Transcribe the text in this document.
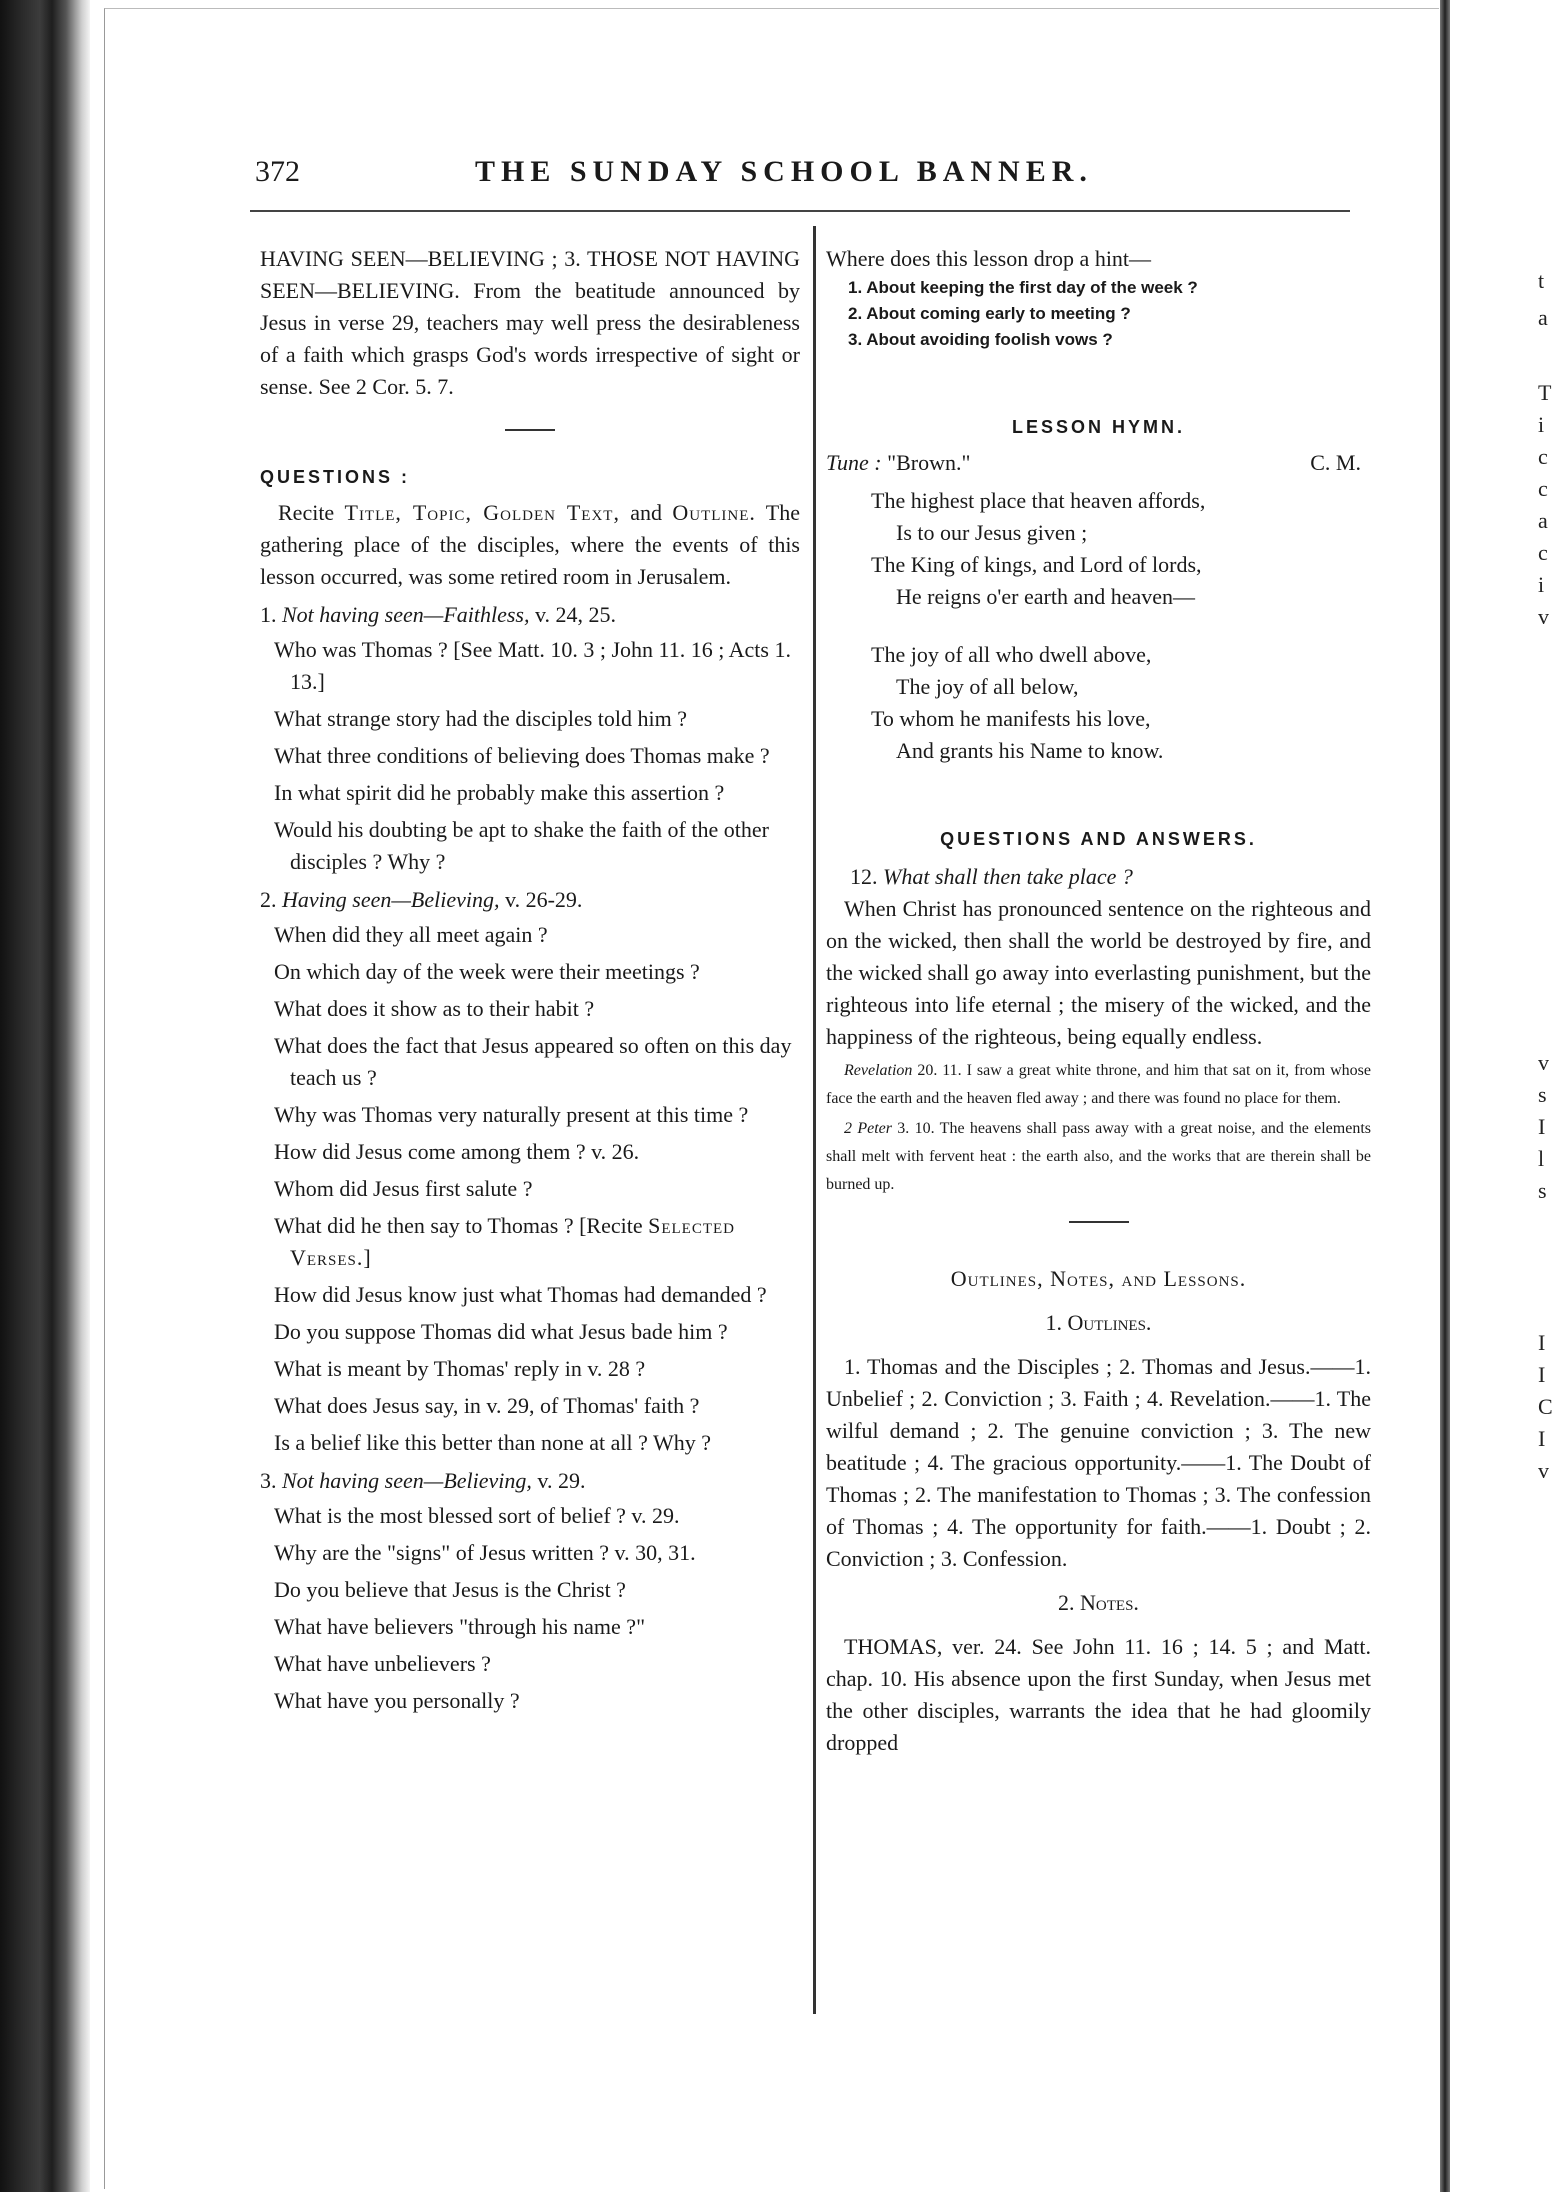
372	THE SUNDAY SCHOOL BANNER.

HAVING SEEN—BELIEVING ; 3. THOSE NOT HAVING SEEN—BELIEVING. From the beatitude announced by Jesus in verse 29, teachers may well press the desirableness of a faith which grasps God's words irrespective of sight or sense. See 2 Cor. 5. 7.

QUESTIONS :

Recite Title, Topic, Golden Text, and Outline. The gathering place of the disciples, where the events of this lesson occurred, was some retired room in Jerusalem.

1. Not having seen—Faithless, v. 24, 25.
Who was Thomas ? [See Matt. 10. 3 ; John 11. 16 ; Acts 1. 13.]
What strange story had the disciples told him ?
What three conditions of believing does Thomas make ?
In what spirit did he probably make this assertion ?
Would his doubting be apt to shake the faith of the other disciples ? Why ?
2. Having seen—Believing, v. 26-29.
When did they all meet again ?
On which day of the week were their meetings ?
What does it show as to their habit ?
What does the fact that Jesus appeared so often on this day teach us ?
Why was Thomas very naturally present at this time ?
How did Jesus come among them ? v. 26.
Whom did Jesus first salute ?
What did he then say to Thomas ? [Recite Selected Verses.]
How did Jesus know just what Thomas had demanded ?
Do you suppose Thomas did what Jesus bade him ?
What is meant by Thomas' reply in v. 28 ?
What does Jesus say, in v. 29, of Thomas' faith ?
Is a belief like this better than none at all ? Why ?
3. Not having seen—Believing, v. 29.
What is the most blessed sort of belief ? v. 29.
Why are the "signs" of Jesus written ? v. 30, 31.
Do you believe that Jesus is the Christ ?
What have believers "through his name ?"
What have unbelievers ?
What have you personally ?
Where does this lesson drop a hint—
1. About keeping the first day of the week ?
2. About coming early to meeting ?
3. About avoiding foolish vows ?
LESSON HYMN.
Tune : "Brown."	C. M.
The highest place that heaven affords,
Is to our Jesus given ;
The King of kings, and Lord of lords,
He reigns o'er earth and heaven—
The joy of all who dwell above,
The joy of all below,
To whom he manifests his love,
And grants his Name to know.
QUESTIONS AND ANSWERS.
12. What shall then take place ?

When Christ has pronounced sentence on the righteous and on the wicked, then shall the world be destroyed by fire, and the wicked shall go away into everlasting punishment, but the righteous into life eternal ; the misery of the wicked, and the happiness of the righteous, being equally endless.

Revelation 20. 11. I saw a great white throne, and him that sat on it, from whose face the earth and the heaven fled away ; and there was found no place for them.

2 Peter 3. 10. The heavens shall pass away with a great noise, and the elements shall melt with fervent heat : the earth also, and the works that are therein shall be burned up.

Outlines, Notes, and Lessons.
1. Outlines.

1. Thomas and the Disciples ; 2. Thomas and Jesus.——1. Unbelief ; 2. Conviction ; 3. Faith ; 4. Revelation.——1. The wilful demand ; 2. The genuine conviction ; 3. The new beatitude ; 4. The gracious opportunity.——1. The Doubt of Thomas ; 2. The manifestation to Thomas ; 3. The confession of Thomas ; 4. The opportunity for faith.——1. Doubt ; 2. Conviction ; 3. Confession.

2. Notes.

THOMAS, ver. 24. See John 11. 16 ; 14. 5 ; and Matt. chap. 10. His absence upon the first Sunday, when Jesus met the other disciples, warrants the idea that he had gloomily dropped

t
a
T
i
c
c
a
c
i
v
v
s
I
l
s
I
I
C
I
v
